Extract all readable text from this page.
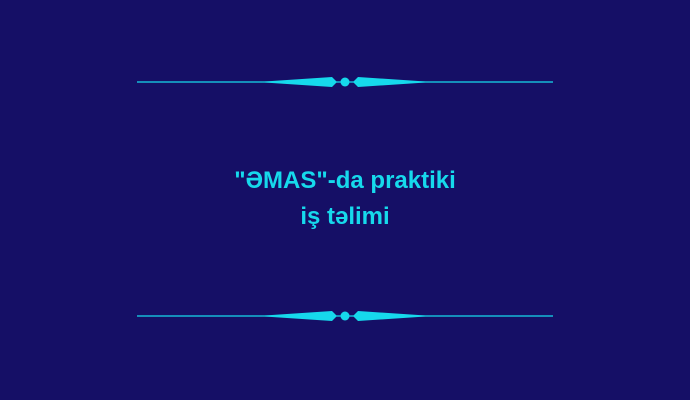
"ƏMAS"-da praktiki
iş təlimi
